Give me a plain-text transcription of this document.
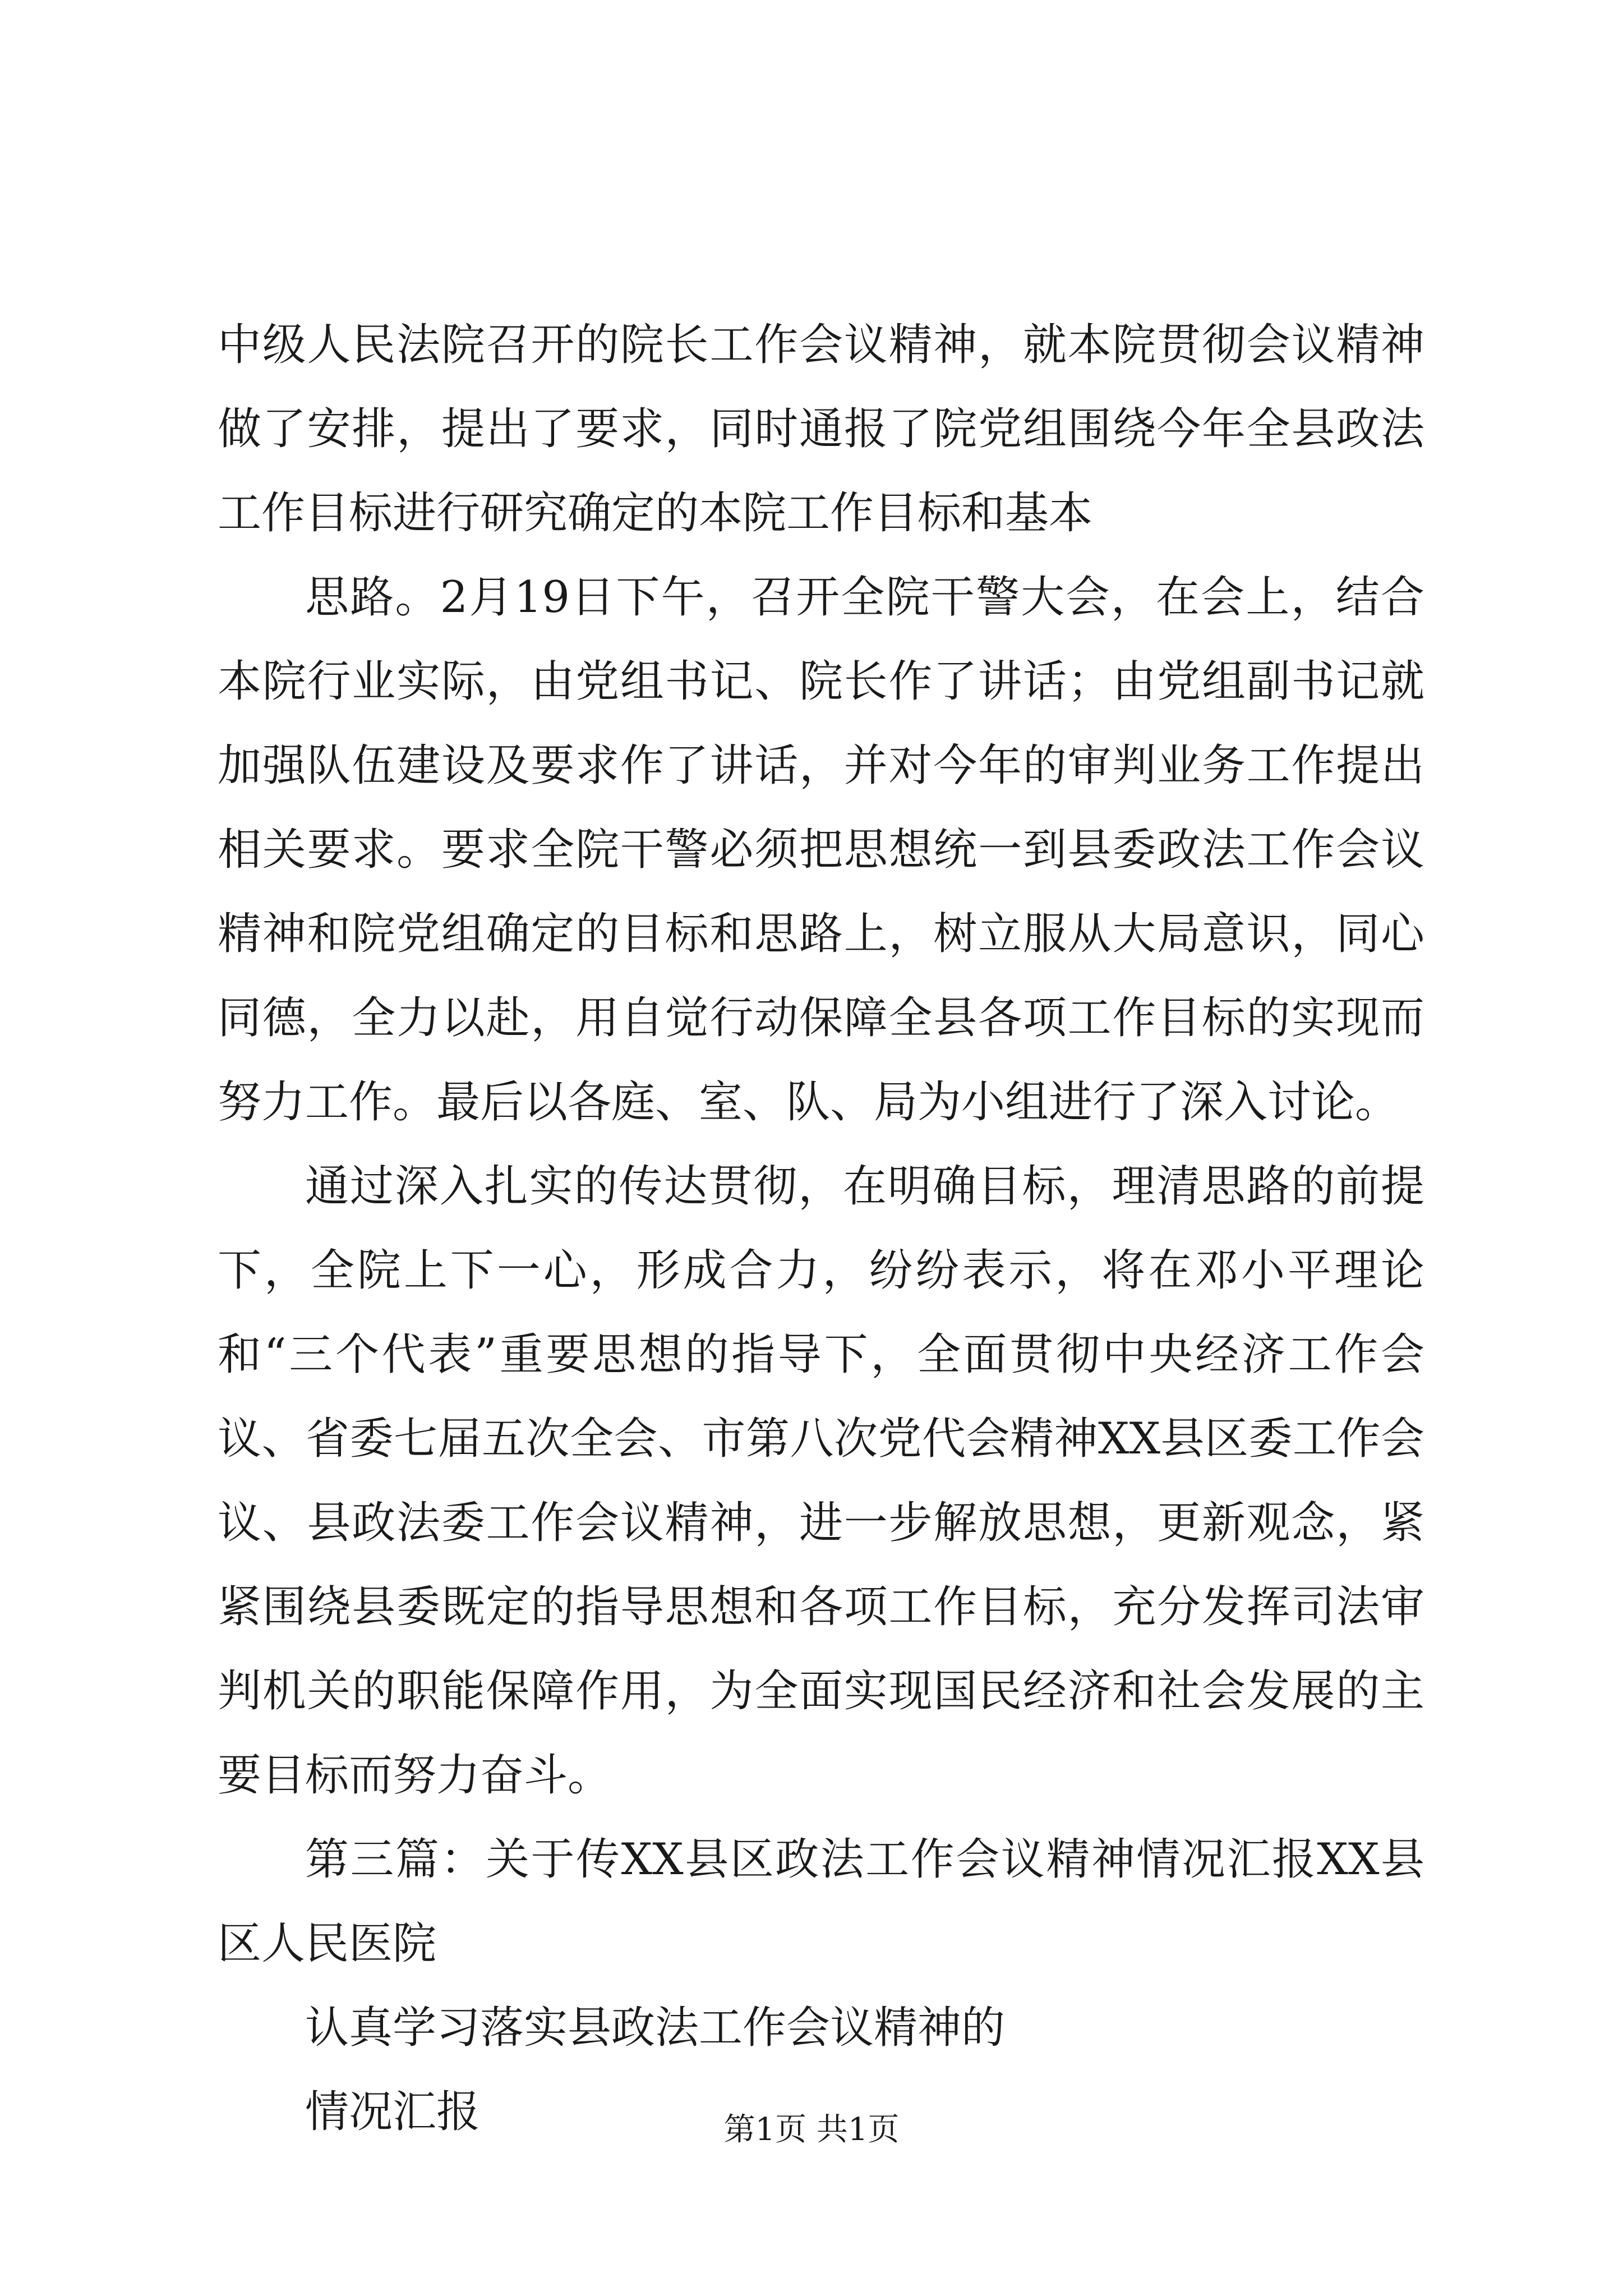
中级人民法院召开的院长工作会议精神，就本院贯彻会议精神做了安排，提出了要求，同时通报了院党组围绕今年全县政法工作目标进行研究确定的本院工作目标和基本

思路。2月19日下午，召开全院干警大会，在会上，结合本院行业实际，由党组书记、院长作了讲话；由党组副书记就加强队伍建设及要求作了讲话，并对今年的审判业务工作提出相关要求。要求全院干警必须把思想统一到县委政法工作会议精神和院党组确定的目标和思路上，树立服从大局意识，同心同德，全力以赴，用自觉行动保障全县各项工作目标的实现而努力工作。最后以各庭、室、队、局为小组进行了深入讨论。

通过深入扎实的传达贯彻，在明确目标，理清思路的前提下，全院上下一心，形成合力，纷纷表示，将在邓小平理论和“三个代表”重要思想的指导下，全面贯彻中央经济工作会议、省委七届五次全会、市第八次党代会精神XX县区委工作会议、县政法委工作会议精神，进一步解放思想，更新观念，紧紧围绕县委既定的指导思想和各项工作目标，充分发挥司法审判机关的职能保障作用，为全面实现国民经济和社会发展的主要目标而努力奋斗。

第三篇：关于传XX县区政法工作会议精神情况汇报XX县区人民医院

认真学习落实县政法工作会议精神的

情况汇报	第1页 共1页
